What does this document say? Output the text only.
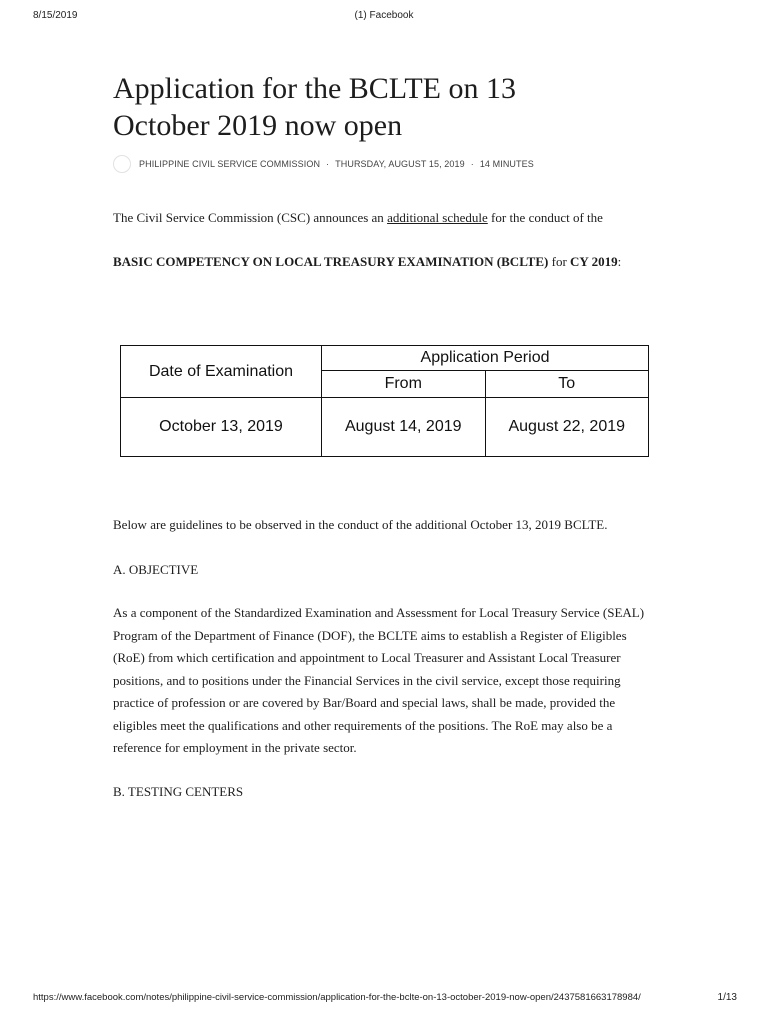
8/15/2019	(1) Facebook
Application for the BCLTE on 13
October 2019 now open
PHILIPPINE CIVIL SERVICE COMMISSION · THURSDAY, AUGUST 15, 2019 · 14 MINUTES
The Civil Service Commission (CSC) announces an additional schedule for the conduct of the
BASIC COMPETENCY ON LOCAL TREASURY EXAMINATION (BCLTE) for CY 2019:
Date of Examination	Application Period	
	From	To
October 13, 2019	August 14, 2019	August 22, 2019
Below are guidelines to be observed in the conduct of the additional October 13, 2019 BCLTE.
A. OBJECTIVE
As a component of the Standardized Examination and Assessment for Local Treasury Service (SEAL) Program of the Department of Finance (DOF), the BCLTE aims to establish a Register of Eligibles (RoE) from which certification and appointment to Local Treasurer and Assistant Local Treasurer positions, and to positions under the Financial Services in the civil service, except those requiring practice of profession or are covered by Bar/Board and special laws, shall be made, provided the eligibles meet the qualifications and other requirements of the positions. The RoE may also be a reference for employment in the private sector.
B. TESTING CENTERS
https://www.facebook.com/notes/philippine-civil-service-commission/application-for-the-bclte-on-13-october-2019-now-open/2437581663178984/	1/13
